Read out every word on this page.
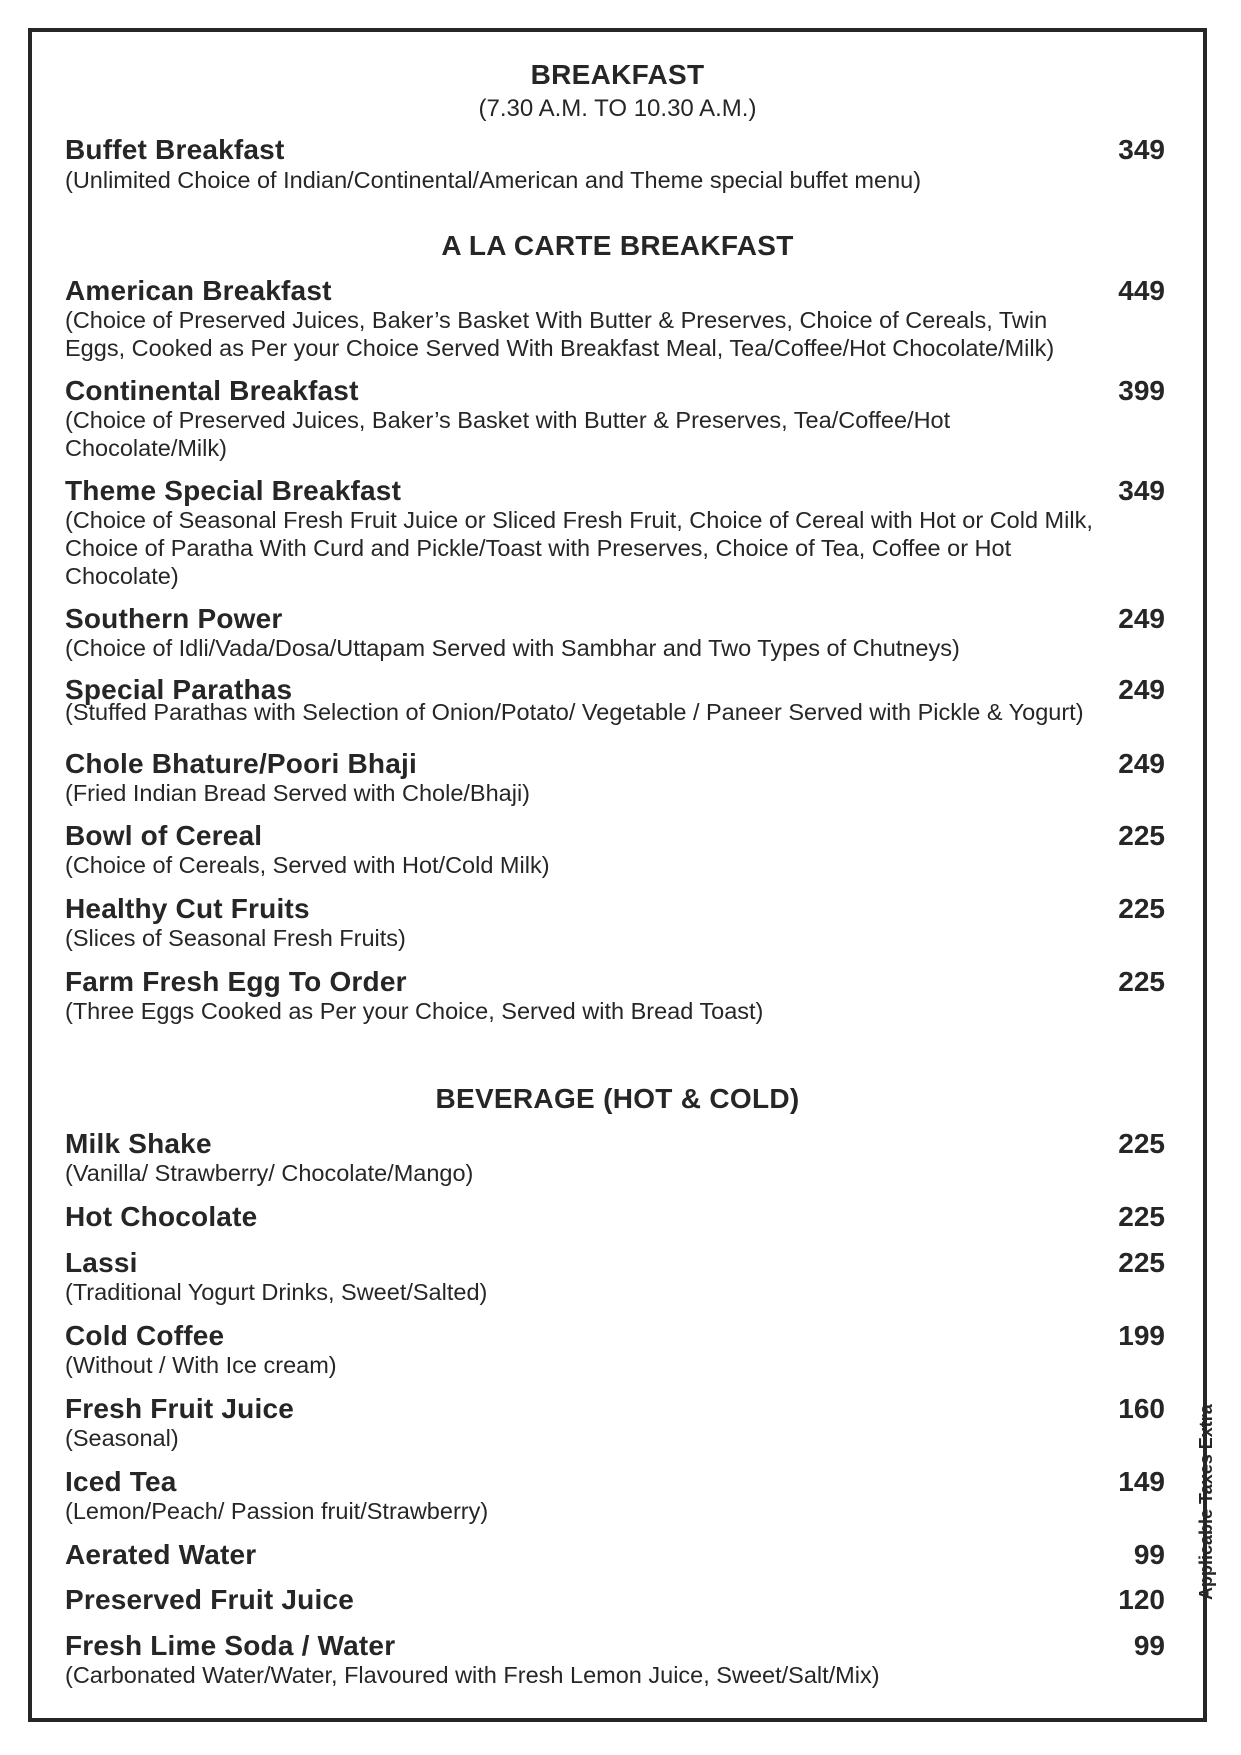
BREAKFAST
(7.30 A.M. TO 10.30 A.M.)
Buffet Breakfast	349
(Unlimited Choice of Indian/Continental/American and Theme special buffet menu)
A LA CARTE BREAKFAST
American Breakfast	449
(Choice of Preserved Juices, Baker’s Basket With Butter & Preserves, Choice of Cereals, Twin
Eggs, Cooked as Per your Choice Served With Breakfast Meal, Tea/Coffee/Hot Chocolate/Milk)
Continental Breakfast	399
(Choice of Preserved Juices, Baker’s Basket with Butter & Preserves, Tea/Coffee/Hot
Chocolate/Milk)
Theme Special Breakfast	349
(Choice of Seasonal Fresh Fruit Juice or Sliced Fresh Fruit, Choice of Cereal with Hot or Cold Milk,
Choice of Paratha With Curd and Pickle/Toast with Preserves, Choice of Tea, Coffee or Hot
Chocolate)
Southern Power	249
(Choice of Idli/Vada/Dosa/Uttapam Served with Sambhar and Two Types of Chutneys)
Special Parathas	249
(Stuffed Parathas with Selection of Onion/Potato/ Vegetable / Paneer Served with Pickle & Yogurt)
Chole Bhature/Poori Bhaji	249
(Fried Indian Bread Served with Chole/Bhaji)
Bowl of Cereal	225
(Choice of Cereals, Served with Hot/Cold Milk)
Healthy Cut Fruits	225
(Slices of Seasonal Fresh Fruits)
Farm Fresh Egg To Order	225
(Three Eggs Cooked as Per your Choice, Served with Bread Toast)
BEVERAGE (HOT & COLD)
Milk Shake	225
(Vanilla/ Strawberry/ Chocolate/Mango)
Hot Chocolate	225
Lassi	225
(Traditional Yogurt Drinks, Sweet/Salted)
Cold Coffee	199
(Without / With Ice cream)
Fresh Fruit Juice	160
(Seasonal)
Iced Tea	149
(Lemon/Peach/ Passion fruit/Strawberry)
Aerated Water	99
Preserved Fruit Juice	120
Fresh Lime Soda / Water	99
(Carbonated Water/Water, Flavoured with Fresh Lemon Juice, Sweet/Salt/Mix)
Applicable Taxes Extra
